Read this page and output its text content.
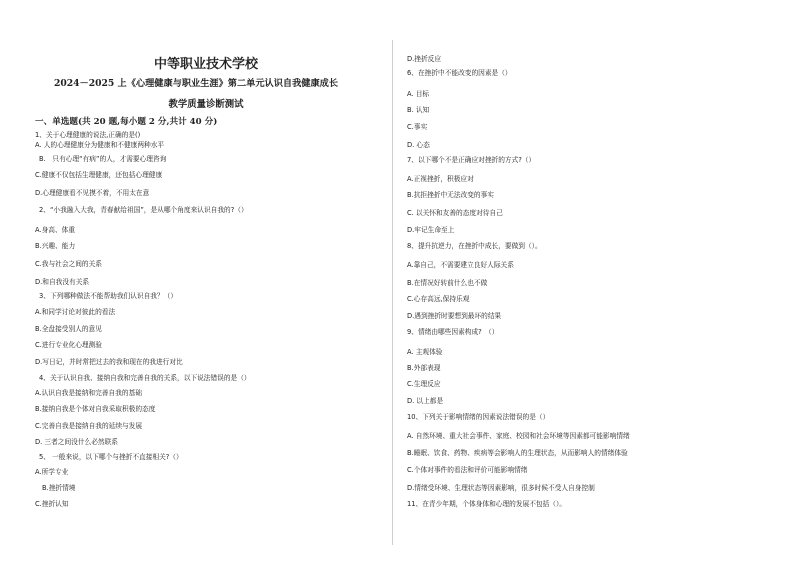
中等职业技术学校
2024－2025 上《心理健康与职业生涯》第二单元认识自我健康成长
教学质量诊断测试
一、单选题(共 20 题,每小题 2 分,共计 40 分)
1、关于心理健康的说法,正确的是()
A. 人的心理健康分为健康和不健康两种水平
B.　只有心理“有病”的人，才需要心理咨询
C.健康不仅包括生理健康，还包括心理健康
D.心理健康看不见摸不着，不用太在意
2、“小我融入大我，青春献给祖国”，是从哪个角度来认识自我的?（）
A.身高、体重
B.兴趣、能力
C.我与社会之间的关系
D.和自我没有关系
3、下列哪种做法不能帮助我们认识自我？（）
A.和同学讨论对彼此的看法
B.全盘接受别人的意见
C.进行专业化心理测验
D.写日记，并时常把过去的我和现在的我进行对比
4、关于认识自我、接纳自我和完善自我的关系，以下说法错误的是（）
A.认识自我是接纳和完善自我的基础
B.接纳自我是个体对自我采取积极的态度
C.完善自我是接纳自我的延续与发展
D. 三者之间没什么必然联系
5、 一般来说，以下哪个与挫折不直接相关?（）
A.所学专业
B.挫折情境
C.挫折认知
D.挫折反应
6、在挫折中不能改变的因素是（）
A. 目标
B. 认知
C.事实
D. 心态
7、以下哪个不是正确应对挫折的方式?（）
A.正视挫折，积极应对
B.抗拒挫折中无法改变的事实
C. 以关怀和友善的态度对待自己
D.牢记生命至上
8、提升抗逆力，在挫折中成长，要做到（）。
A.靠自己，不需要建立良好人际关系
B.在情况好转前什么也不做
C.心存高远,保持乐观
D.遇到挫折时要想到最坏的结果
9、情绪由哪些因素构成?　（）
A. 主观体验
B.外部表现
C.生理反应
D. 以上都是
10、下列关于影响情绪的因素说法错误的是（）
A. 自然环境、重大社会事件、家庭、校园和社会环境等因素都可能影响情绪
B.睡眠、饮食、药物、疾病等会影响人的生理状态，从而影响人的情绪体验
C.个体对事件的看法和评价可能影响情绪
D.情绪受环境、生理状态等因素影响，很多时候不受人自身控制
11、在青少年期，个体身体和心理的发展不包括（）。
